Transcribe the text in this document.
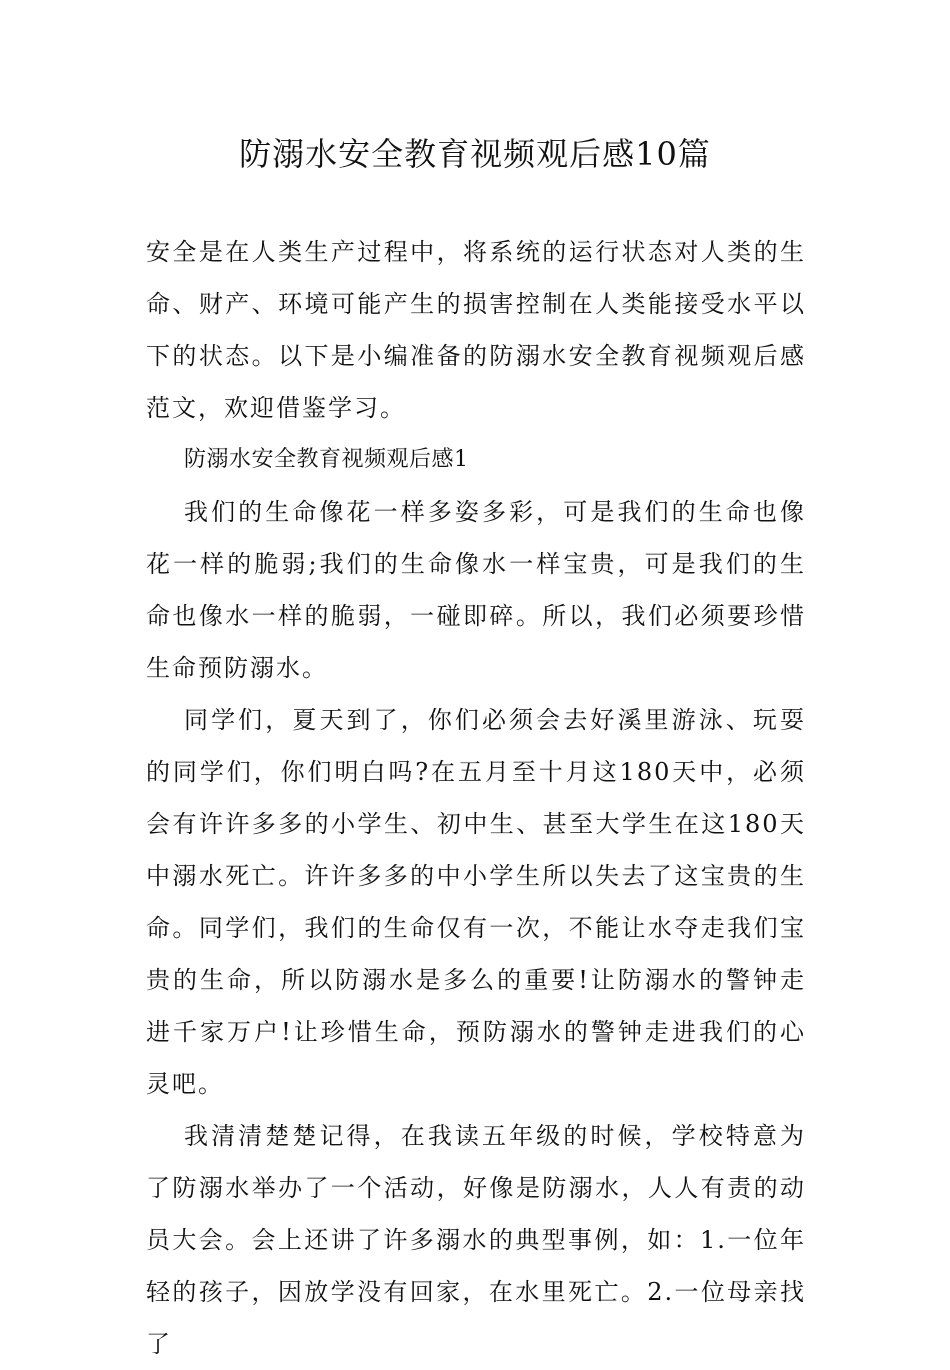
防溺水安全教育视频观后感10篇

安全是在人类生产过程中，将系统的运行状态对人类的生命、财产、环境可能产生的损害控制在人类能接受水平以下的状态。以下是小编准备的防溺水安全教育视频观后感范文，欢迎借鉴学习。

防溺水安全教育视频观后感1

我们的生命像花一样多姿多彩，可是我们的生命也像花一样的脆弱;我们的生命像水一样宝贵，可是我们的生命也像水一样的脆弱，一碰即碎。所以，我们必须要珍惜生命预防溺水。

同学们，夏天到了，你们必须会去好溪里游泳、玩耍的同学们，你们明白吗?在五月至十月这180天中，必须会有许许多多的小学生、初中生、甚至大学生在这180天中溺水死亡。许许多多的中小学生所以失去了这宝贵的生命。同学们，我们的生命仅有一次，不能让水夺走我们宝贵的生命，所以防溺水是多么的重要!让防溺水的警钟走进千家万户!让珍惜生命，预防溺水的警钟走进我们的心灵吧。

我清清楚楚记得，在我读五年级的时候，学校特意为了防溺水举办了一个活动，好像是防溺水，人人有责的动员大会。会上还讲了许多溺水的典型事例，如：1.一位年轻的孩子，因放学没有回家，在水里死亡。2.一位母亲找了
